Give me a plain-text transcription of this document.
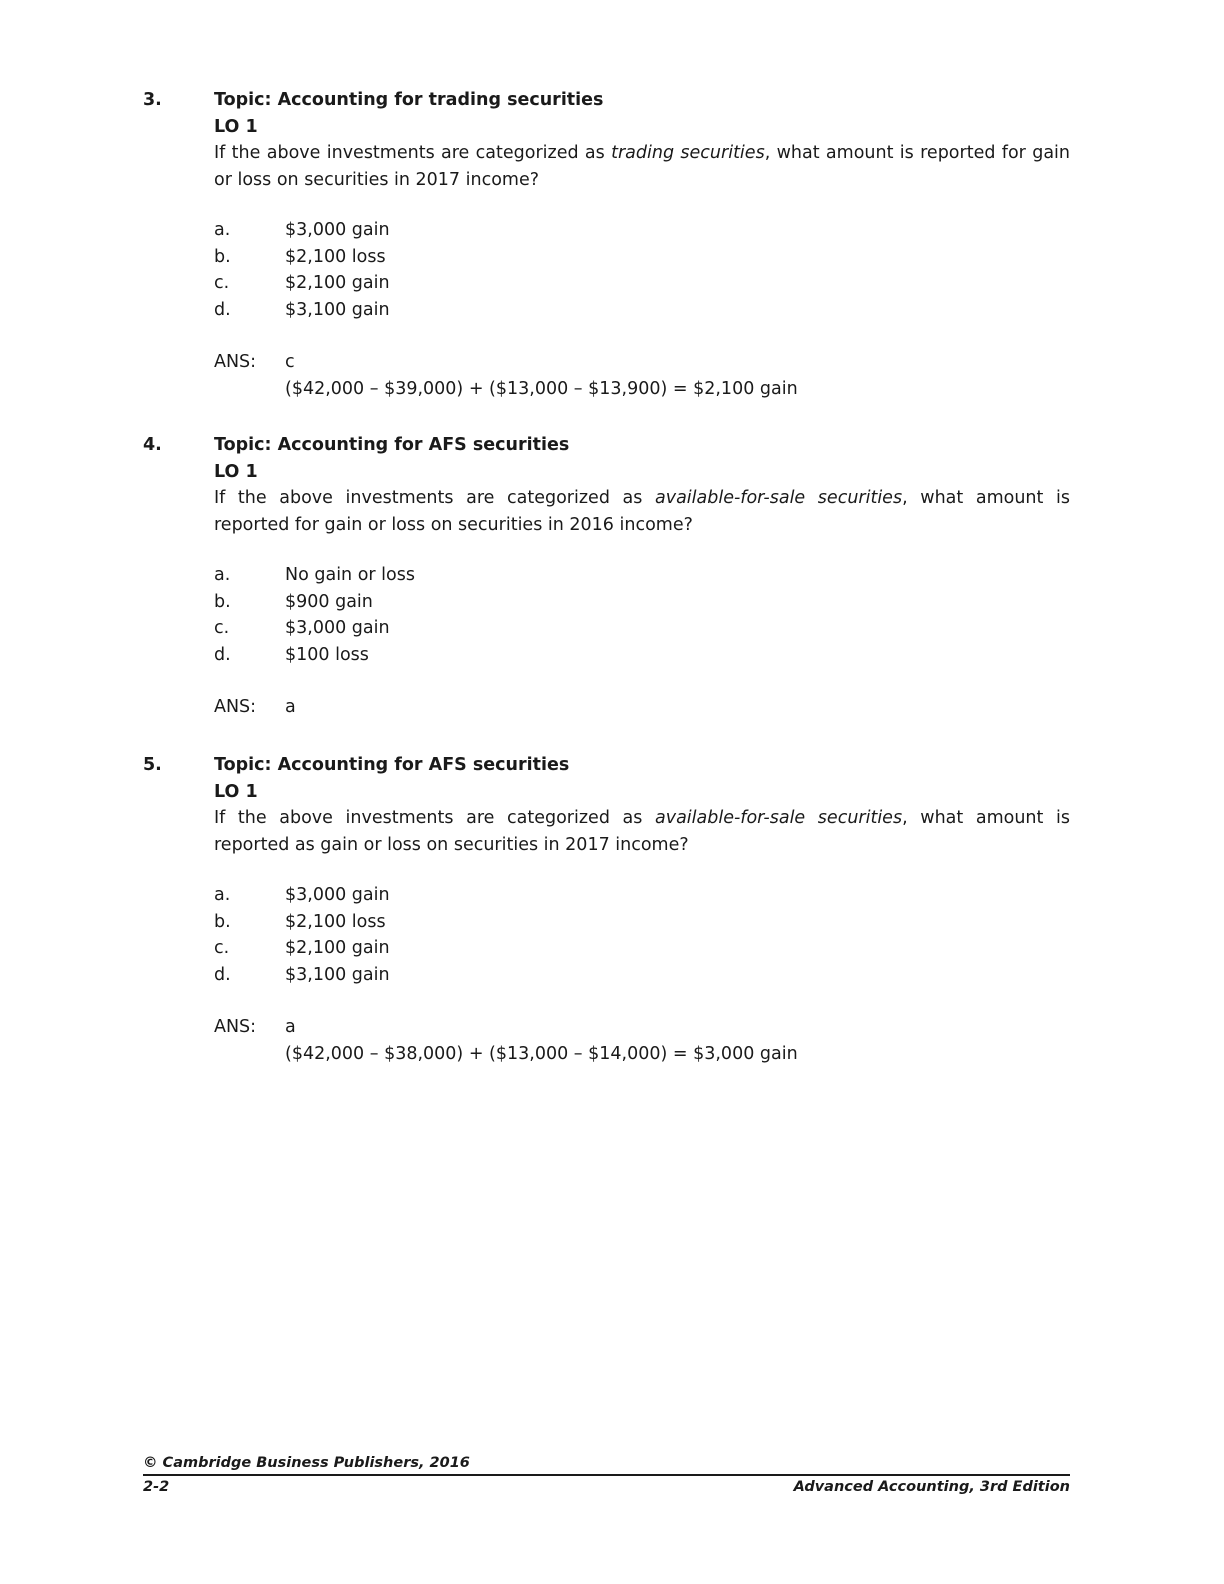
3.	Topic: Accounting for trading securities
LO 1
If the above investments are categorized as trading securities, what amount is reported for gain or loss on securities in 2017 income?
a.	$3,000 gain
b.	$2,100 loss
c.	$2,100 gain
d.	$3,100 gain
ANS:	c
($42,000 – $39,000) + ($13,000 – $13,900) = $2,100 gain
4.	Topic: Accounting for AFS securities
LO 1
If the above investments are categorized as available-for-sale securities, what amount is reported for gain or loss on securities in 2016 income?
a.	No gain or loss
b.	$900 gain
c.	$3,000 gain
d.	$100 loss
ANS:	a
5.	Topic: Accounting for AFS securities
LO 1
If the above investments are categorized as available-for-sale securities, what amount is reported as gain or loss on securities in 2017 income?
a.	$3,000 gain
b.	$2,100 loss
c.	$2,100 gain
d.	$3,100 gain
ANS:	a
($42,000 – $38,000) + ($13,000 – $14,000) = $3,000 gain
© Cambridge Business Publishers, 2016
2-2	Advanced Accounting, 3rd Edition
